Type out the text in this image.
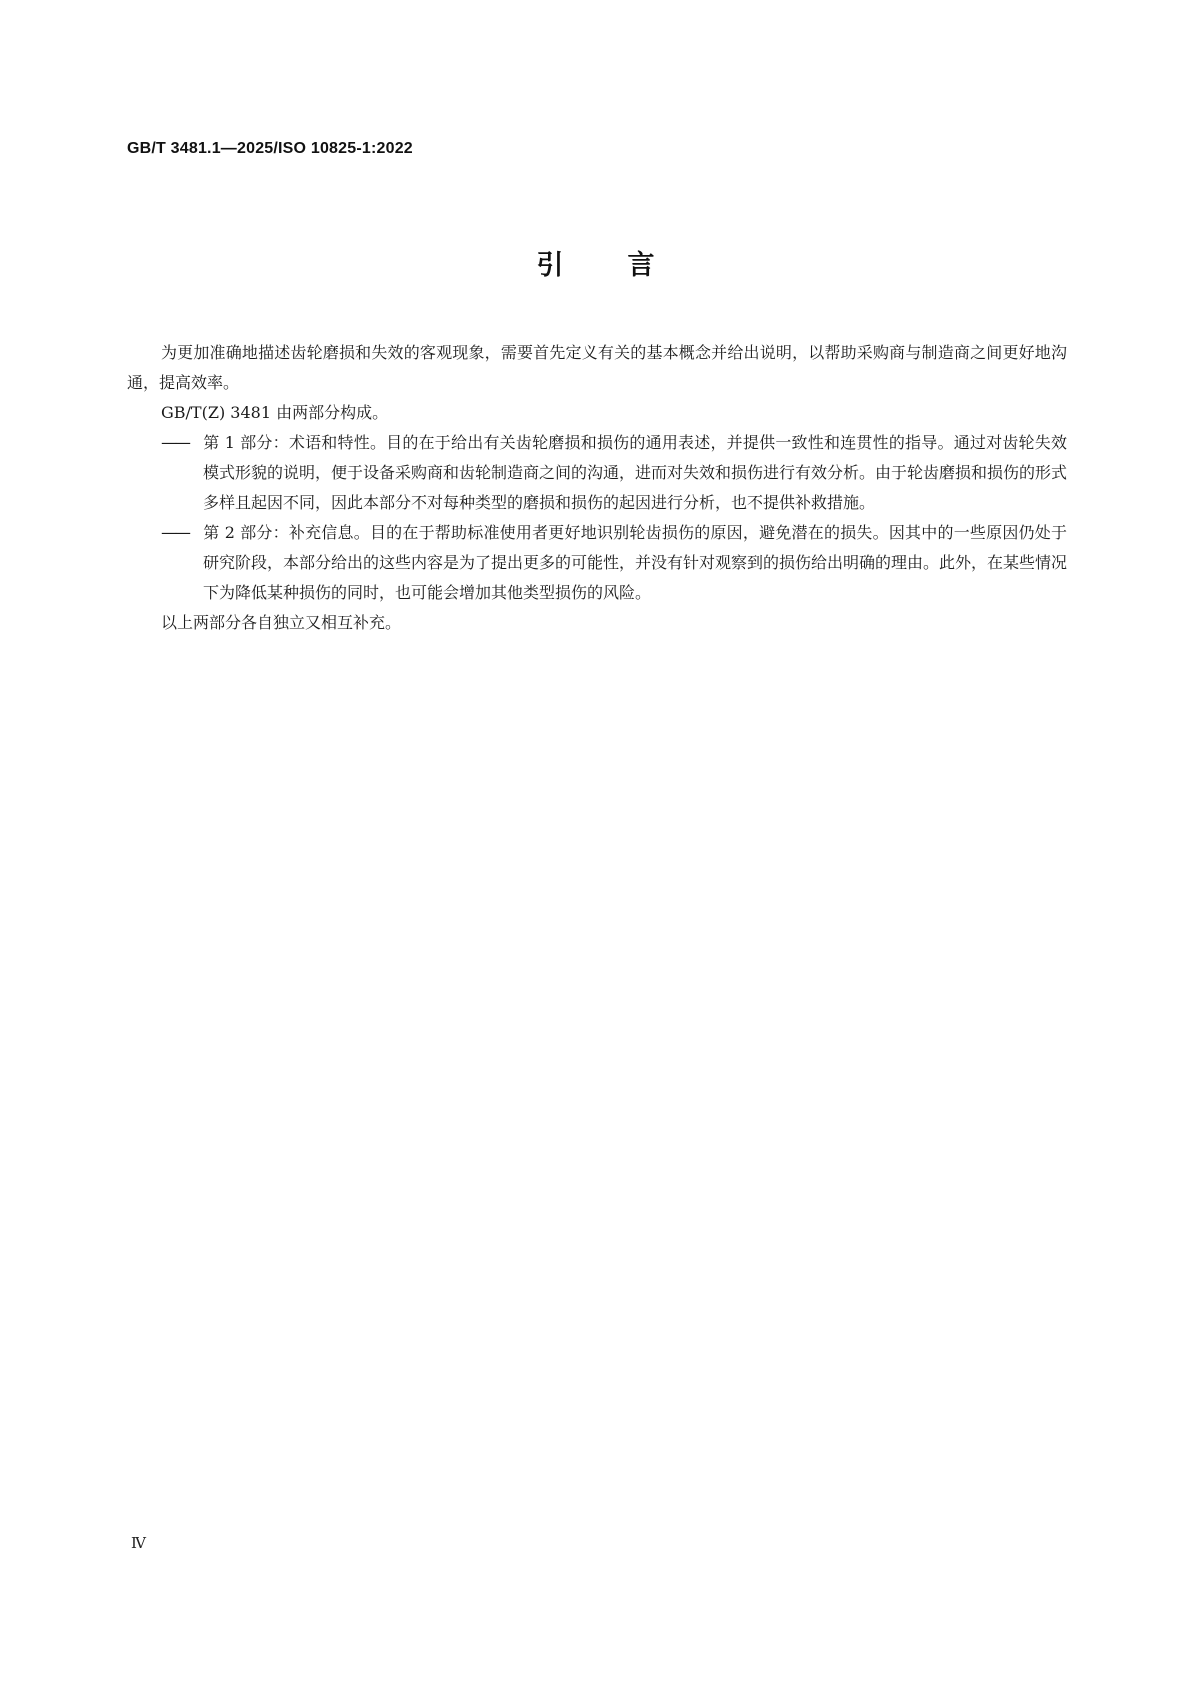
GB/T 3481.1—2025/ISO 10825-1:2022
引言

为更加准确地描述齿轮磨损和失效的客观现象，需要首先定义有关的基本概念并给出说明，以帮助采购商与制造商之间更好地沟通，提高效率。

GB/T(Z) 3481 由两部分构成。

—— 第 1 部分：术语和特性。目的在于给出有关齿轮磨损和损伤的通用表述，并提供一致性和连贯性的指导。通过对齿轮失效模式形貌的说明，便于设备采购商和齿轮制造商之间的沟通，进而对失效和损伤进行有效分析。由于轮齿磨损和损伤的形式多样且起因不同，因此本部分不对每种类型的磨损和损伤的起因进行分析，也不提供补救措施。

—— 第 2 部分：补充信息。目的在于帮助标准使用者更好地识别轮齿损伤的原因，避免潜在的损失。因其中的一些原因仍处于研究阶段，本部分给出的这些内容是为了提出更多的可能性，并没有针对观察到的损伤给出明确的理由。此外，在某些情况下为降低某种损伤的同时，也可能会增加其他类型损伤的风险。

以上两部分各自独立又相互补充。

Ⅳ
